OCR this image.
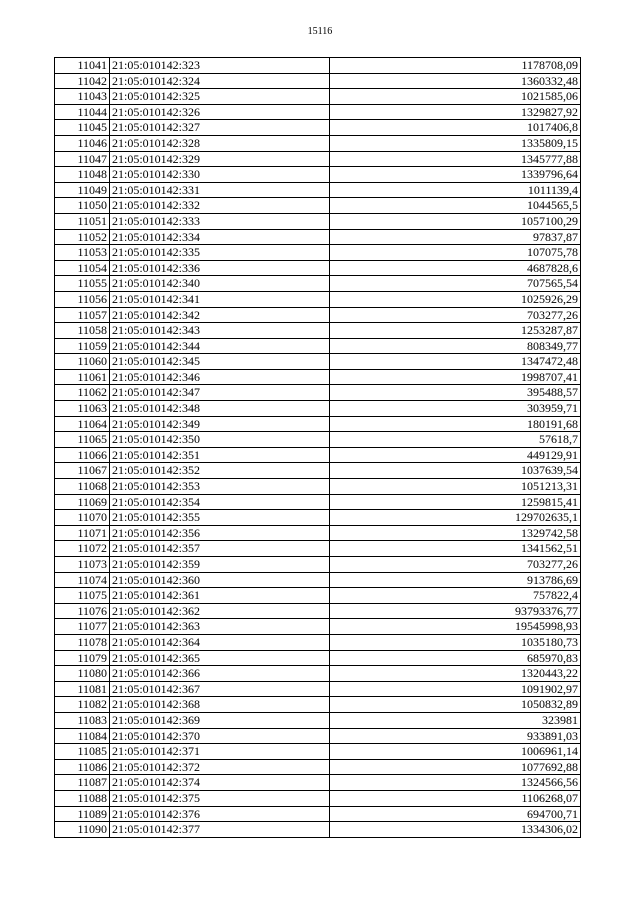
15116
11041	21:05:010142:323	1178708,09
11042	21:05:010142:324	1360332,48
11043	21:05:010142:325	1021585,06
11044	21:05:010142:326	1329827,92
11045	21:05:010142:327	1017406,8
11046	21:05:010142:328	1335809,15
11047	21:05:010142:329	1345777,88
11048	21:05:010142:330	1339796,64
11049	21:05:010142:331	1011139,4
11050	21:05:010142:332	1044565,5
11051	21:05:010142:333	1057100,29
11052	21:05:010142:334	97837,87
11053	21:05:010142:335	107075,78
11054	21:05:010142:336	4687828,6
11055	21:05:010142:340	707565,54
11056	21:05:010142:341	1025926,29
11057	21:05:010142:342	703277,26
11058	21:05:010142:343	1253287,87
11059	21:05:010142:344	808349,77
11060	21:05:010142:345	1347472,48
11061	21:05:010142:346	1998707,41
11062	21:05:010142:347	395488,57
11063	21:05:010142:348	303959,71
11064	21:05:010142:349	180191,68
11065	21:05:010142:350	57618,7
11066	21:05:010142:351	449129,91
11067	21:05:010142:352	1037639,54
11068	21:05:010142:353	1051213,31
11069	21:05:010142:354	1259815,41
11070	21:05:010142:355	129702635,1
11071	21:05:010142:356	1329742,58
11072	21:05:010142:357	1341562,51
11073	21:05:010142:359	703277,26
11074	21:05:010142:360	913786,69
11075	21:05:010142:361	757822,4
11076	21:05:010142:362	93793376,77
11077	21:05:010142:363	19545998,93
11078	21:05:010142:364	1035180,73
11079	21:05:010142:365	685970,83
11080	21:05:010142:366	1320443,22
11081	21:05:010142:367	1091902,97
11082	21:05:010142:368	1050832,89
11083	21:05:010142:369	323981
11084	21:05:010142:370	933891,03
11085	21:05:010142:371	1006961,14
11086	21:05:010142:372	1077692,88
11087	21:05:010142:374	1324566,56
11088	21:05:010142:375	1106268,07
11089	21:05:010142:376	694700,71
11090	21:05:010142:377	1334306,02
